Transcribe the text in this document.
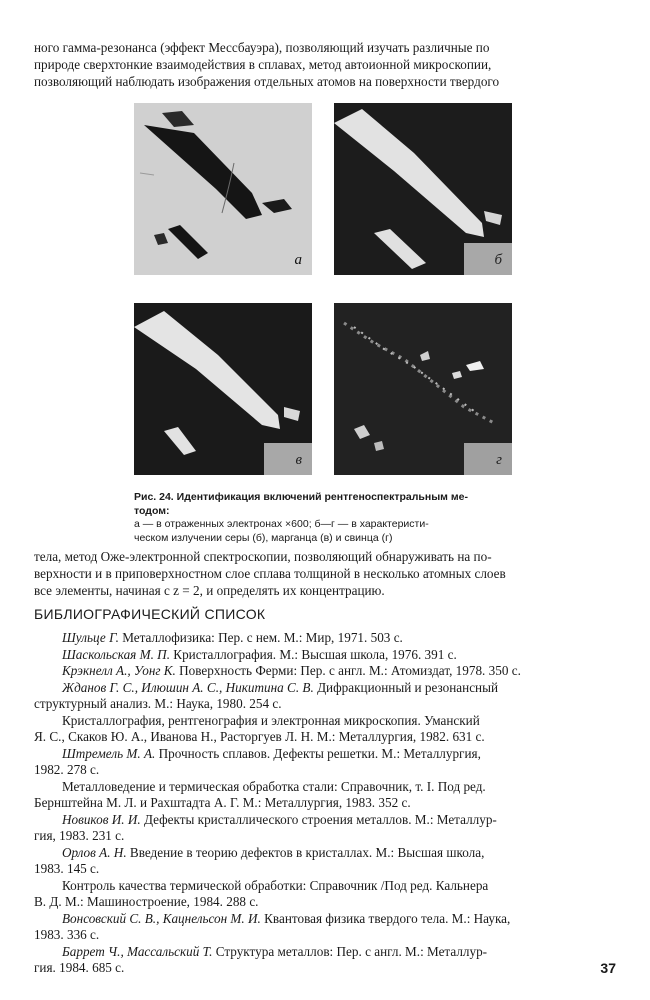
ного гамма-резонанса (эффект Мессбауэра), позволяющий изучать различные по
природе сверхтонкие взаимодействия в сплавах, метод автоионной микроскопии,
позволяющий наблюдать изображения отдельных атомов на поверхности твердого
а	б
в	г
Рис. 24. Идентификация включений рентгеноспектральным ме-
тодом:
а — в отраженных электронах ×600; б—г — в характеристи-
ческом излучении серы (б), марганца (в) и свинца (г)
тела, метод Оже-электронной спектроскопии, позволяющий обнаруживать на по-
верхности и в приповерхностном слое сплава толщиной в несколько атомных слоев
все элементы, начиная с z = 2, и определять их концентрацию.
БИБЛИОГРАФИЧЕСКИЙ СПИСОК
Шульце Г. Металлофизика: Пер. с нем. М.: Мир, 1971. 503 с.
Шаскольская М. П. Кристаллография. М.: Высшая школа, 1976. 391 с.
Крэкнелл А., Уонг К. Поверхность Ферми: Пер. с англ. М.: Атомиздат, 1978. 350 с.
Жданов Г. С., Илюшин А. С., Никитина С. В. Дифракционный и резонансный
структурный анализ. М.: Наука, 1980. 254 с.
Кристаллография, рентгенография и электронная микроскопия. Уманский
Я. С., Скаков Ю. А., Иванова Н., Расторгуев Л. Н. М.: Металлургия, 1982. 631 с.
Штремель М. А. Прочность сплавов. Дефекты решетки. М.: Металлургия,
1982. 278 с.
Металловедение и термическая обработка стали: Справочник, т. I. Под ред.
Бернштейна М. Л. и Рахштадта А. Г. М.: Металлургия, 1983. 352 с.
Новиков И. И. Дефекты кристаллического строения металлов. М.: Металлур-
гия, 1983. 231 с.
Орлов А. Н. Введение в теорию дефектов в кристаллах. М.: Высшая школа,
1983. 145 с.
Контроль качества термической обработки: Справочник /Под ред. Кальнера
В. Д. М.: Машиностроение, 1984. 288 с.
Вонсовский С. В., Кацнельсон М. И. Квантовая физика твердого тела. М.: Наука,
1983. 336 с.
Баррет Ч., Массальский Т. Структура металлов: Пер. с англ. М.: Металлур-
гия. 1984. 685 с.	37
